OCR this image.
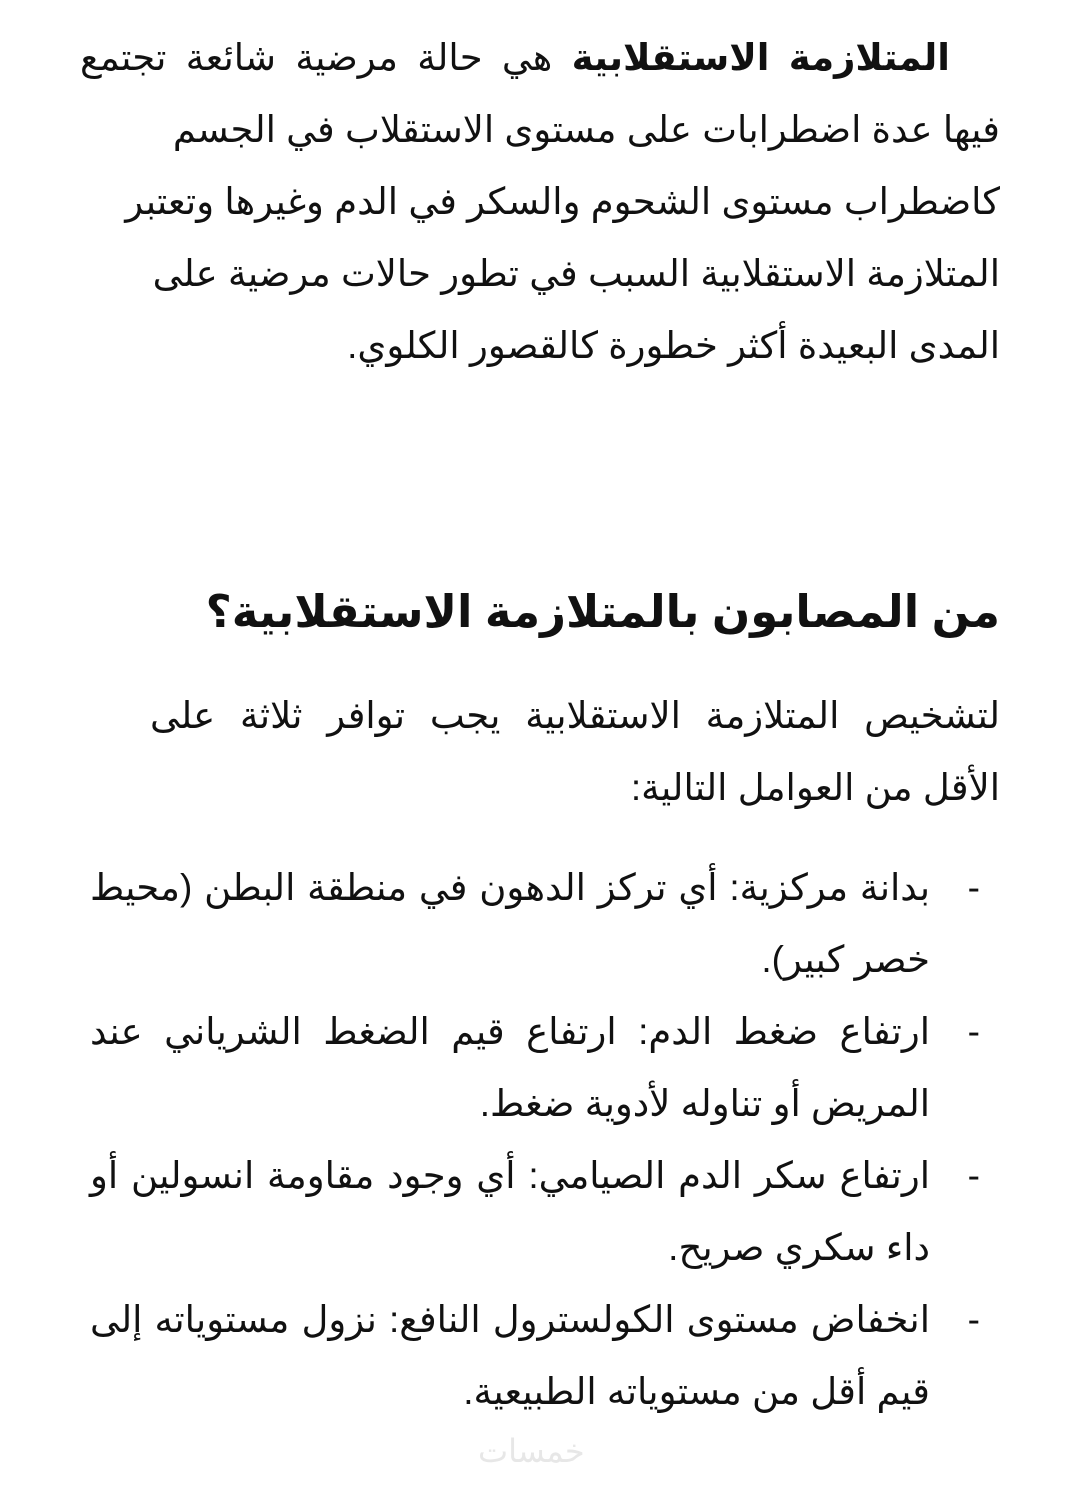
المتلازمة الاستقلابية هي حالة مرضية شائعة تجتمع
فيها عدة اضطرابات على مستوى الاستقلاب في الجسم كاضطراب مستوى الشحوم والسكر في الدم وغيرها وتعتبر المتلازمة الاستقلابية السبب في تطور حالات مرضية على المدى البعيدة أكثر خطورة كالقصور الكلوي.

من المصابون بالمتلازمة الاستقلابية؟

لتشخيص المتلازمة الاستقلابية يجب توافر ثلاثة على الأقل من العوامل التالية:

-
بدانة مركزية: أي تركز الدهون في منطقة البطن (محيط خصر كبير).
-
ارتفاع ضغط الدم: ارتفاع قيم الضغط الشرياني عند المريض أو تناوله لأدوية ضغط.
-
ارتفاع سكر الدم الصيامي: أي وجود مقاومة انسولين أو داء سكري صريح.
-
انخفاض مستوى الكولسترول النافع: نزول مستوياته إلى قيم أقل من مستوياته الطبيعية.
خمسات
